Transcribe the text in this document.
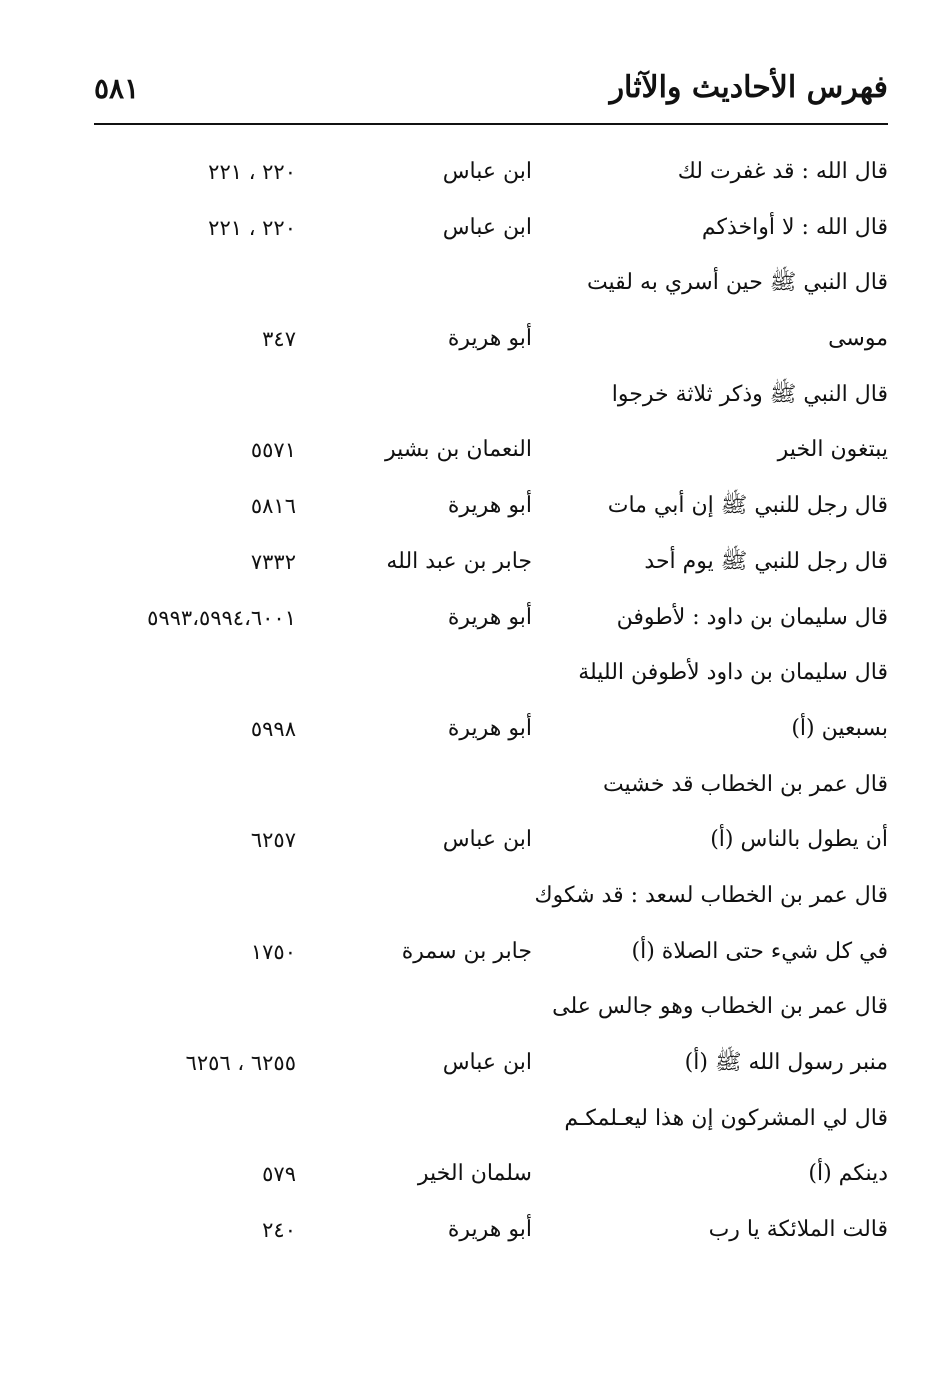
فهرس الأحاديث والآثار
٥٨١
قال الله : قد غفرت لك
ابن عباس
٢٢٠ ، ٢٢١
قال الله : لا أواخذكم
ابن عباس
٢٢٠ ، ٢٢١
قال النبي ﷺ حين أسري به لقيت
موسى
أبو هريرة
٣٤٧
قال النبي ﷺ وذكر ثلاثة خرجوا
يبتغون الخير
النعمان بن بشير
٥٥٧١
قال رجل للنبي ﷺ إن أبي مات
أبو هريرة
٥٨١٦
قال رجل للنبي ﷺ يوم أحد
جابر بن عبد الله
٧٣٣٢
قال سليمان بن داود : لأطوفن
أبو هريرة
٥٩٩٣،٥٩٩٤،٦٠٠١
قال سليمان بن داود لأطوفن الليلة
بسبعين (أ)
أبو هريرة
٥٩٩٨
قال عمر بن الخطاب قد خشيت
أن يطول بالناس (أ)
ابن عباس
٦٢٥٧
قال عمر بن الخطاب لسعد : قد شكوك
في كل شيء حتى الصلاة (أ)
جابر بن سمرة
١٧٥٠
قال عمر بن الخطاب وهو جالس على
منبر رسول الله ﷺ (أ)
ابن عباس
٦٢٥٥ ، ٦٢٥٦
قال لي المشركون إن هذا ليعـلمكـم
دينكم (أ)
سلمان الخير
٥٧٩
قالت الملائكة يا رب
أبو هريرة
٢٤٠
